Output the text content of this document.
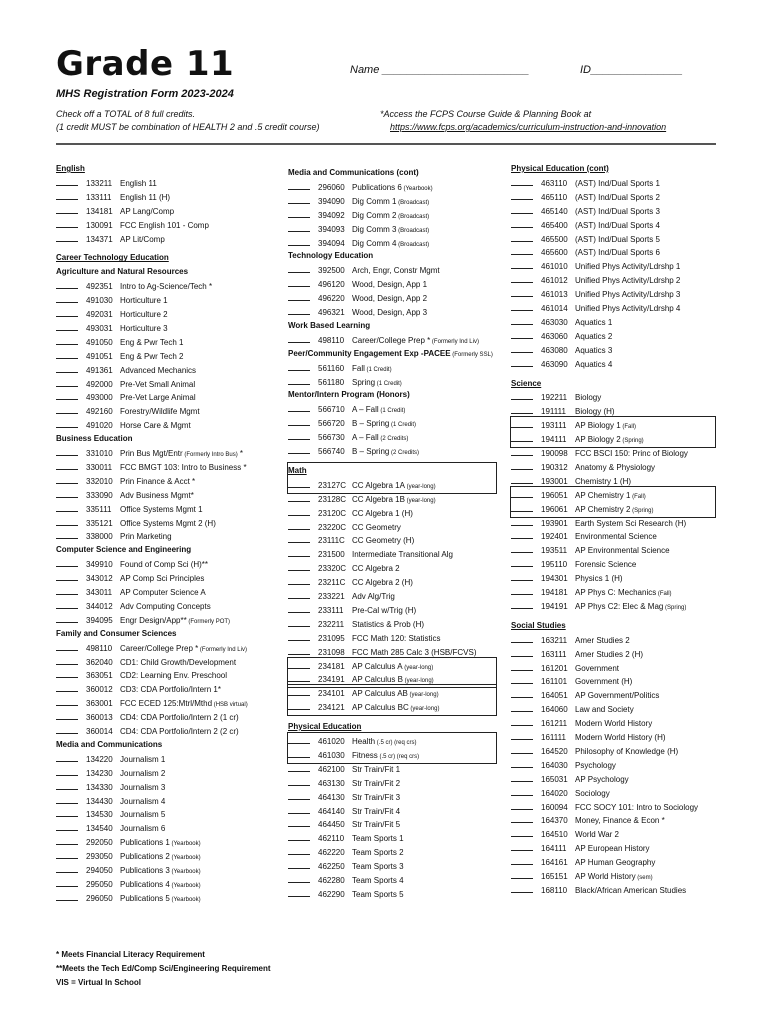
Grade 11	Name ________________________	ID_______________
MHS Registration Form 2023-2024
Check off a TOTAL of 8 full credits.
(1 credit MUST be combination of HEALTH 2 and .5 credit course)
*Access the FCPS Course Guide & Planning Book at
https://www.fcps.org/academics/curriculum-instruction-and-innovation
English
133211 English 11
133111 English 11 (H)
134181 AP Lang/Comp
130091 FCC English 101 - Comp
134371 AP Lit/Comp
Career Technology Education
Agriculture and Natural Resources
492351 Intro to Ag-Science/Tech *
491030 Horticulture 1
492031 Horticulture 2
493031 Horticulture 3
491050 Eng & Pwr Tech 1
491051 Eng & Pwr Tech 2
491361 Advanced Mechanics
492000 Pre-Vet Small Animal
493000 Pre-Vet Large Animal
492160 Forestry/Wildlife Mgmt
491020 Horse Care & Mgmt
Business Education
331010 Prin Bus Mgt/Entr (Formerly Intro Bus) *
330011 FCC BMGT 103: Intro to Business *
332010 Prin Finance & Acct *
333090 Adv Business Mgmt*
335111 Office Systems Mgmt 1
335121 Office Systems Mgmt 2 (H)
338000 Prin Marketing
Computer Science and Engineering
349910 Found of Comp Sci (H)**
343012 AP Comp Sci Principles
343011 AP Computer Science A
344012 Adv Computing Concepts
394095 Engr Design/App** (Formerly POT)
Family and Consumer Sciences
498110 Career/College Prep * (Formerly Ind Liv)
362040 CD1: Child Growth/Development
363051 CD2: Learning Env. Preschool
360012 CD3: CDA Portfolio/Intern 1*
363001 FCC ECED 125:Mtrl/Mthd (HSB virtual)
360013 CD4: CDA Portfolio/Intern 2 (1 cr)
360014 CD4: CDA Portfolio/Intern 2 (2 cr)
Media and Communications
134220 Journalism 1
134230 Journalism 2
134330 Journalism 3
134430 Journalism 4
134530 Journalism 5
134540 Journalism 6
292050 Publications 1 (Yearbook)
293050 Publications 2 (Yearbook)
294050 Publications 3 (Yearbook)
295050 Publications 4 (Yearbook)
296050 Publications 5 (Yearbook)
Media and Communications (cont)
296060 Publications 6 (Yearbook)
394090 Dig Comm 1 (Broadcast)
394092 Dig Comm 2 (Broadcast)
394093 Dig Comm 3 (Broadcast)
394094 Dig Comm 4 (Broadcast)
Technology Education
392500 Arch, Engr, Constr Mgmt
496120 Wood, Design, App 1
496220 Wood, Design, App 2
496321 Wood, Design, App 3
Work Based Learning
498110 Career/College Prep * (Formerly Ind Liv)
Peer/Community Engagement Exp -PACEE (Formerly SSL)
561160 Fall (1 Credit)
561180 Spring (1 Credit)
Mentor/Intern Program (Honors)
566710 A – Fall (1 Credit)
566720 B – Spring (1 Credit)
566730 A – Fall (2 Credits)
566740 B – Spring (2 Credits)
Math
23127C CC Algebra 1A (year-long)
23128C CC Algebra 1B (year-long)
23120C CC Algebra 1 (H)
23220C CC Geometry
23111C CC Geometry (H)
231500 Intermediate Transitional Alg
23320C CC Algebra 2
23211C CC Algebra 2 (H)
233221 Adv Alg/Trig
233111 Pre-Cal w/Trig (H)
232211 Statistics & Prob (H)
231095 FCC Math 120: Statistics
231098 FCC Math 285 Calc 3 (HSB/FCVS)
234181 AP Calculus A (year-long)
234191 AP Calculus B (year-long)
234101 AP Calculus AB (year-long)
234121 AP Calculus BC (year-long)
Physical Education
461020 Health (.5 cr) (req crs)
461030 Fitness (.5 cr) (req crs)
462100 Str Train/Fit 1
463130 Str Train/Fit 2
464130 Str Train/Fit 3
464140 Str Train/Fit 4
464450 Str Train/Fit 5
462110 Team Sports 1
462220 Team Sports 2
462250 Team Sports 3
462280 Team Sports 4
462290 Team Sports 5
Physical Education (cont)
463110 (AST) Ind/Dual Sports 1
465110 (AST) Ind/Dual Sports 2
465140 (AST) Ind/Dual Sports 3
465400 (AST) Ind/Dual Sports 4
465500 (AST) Ind/Dual Sports 5
465600 (AST) Ind/Dual Sports 6
461010 Unified Phys Activity/Ldrshp 1
461012 Unified Phys Activity/Ldrshp 2
461013 Unified Phys Activity/Ldrshp 3
461014 Unified Phys Activity/Ldrshp 4
463030 Aquatics 1
463060 Aquatics 2
463080 Aquatics 3
463090 Aquatics 4
Science
192211 Biology
191111 Biology (H)
193111 AP Biology 1 (Fall)
194111 AP Biology 2 (Spring)
190098 FCC BSCI 150: Princ of Biology
190312 Anatomy & Physiology
193001 Chemistry 1 (H)
196051 AP Chemistry 1 (Fall)
196061 AP Chemistry 2 (Spring)
193901 Earth System Sci Research (H)
192401 Environmental Science
193511 AP Environmental Science
195110 Forensic Science
194301 Physics 1 (H)
194181 AP Phys C: Mechanics (Fall)
194191 AP Phys C2: Elec & Mag (Spring)
Social Studies
163211 Amer Studies 2
163111 Amer Studies 2 (H)
161201 Government
161101 Government (H)
164051 AP Government/Politics
164060 Law and Society
161211 Modern World History
161111 Modern World History (H)
164520 Philosophy of Knowledge (H)
164030 Psychology
165031 AP Psychology
164020 Sociology
160094 FCC SOCY 101: Intro to Sociology
164370 Money, Finance & Econ *
164510 World War 2
164111 AP European History
164161 AP Human Geography
165151 AP World History (sem)
168110 Black/African American Studies
* Meets Financial Literacy Requirement
**Meets the Tech Ed/Comp Sci/Engineering Requirement
VIS = Virtual In School
